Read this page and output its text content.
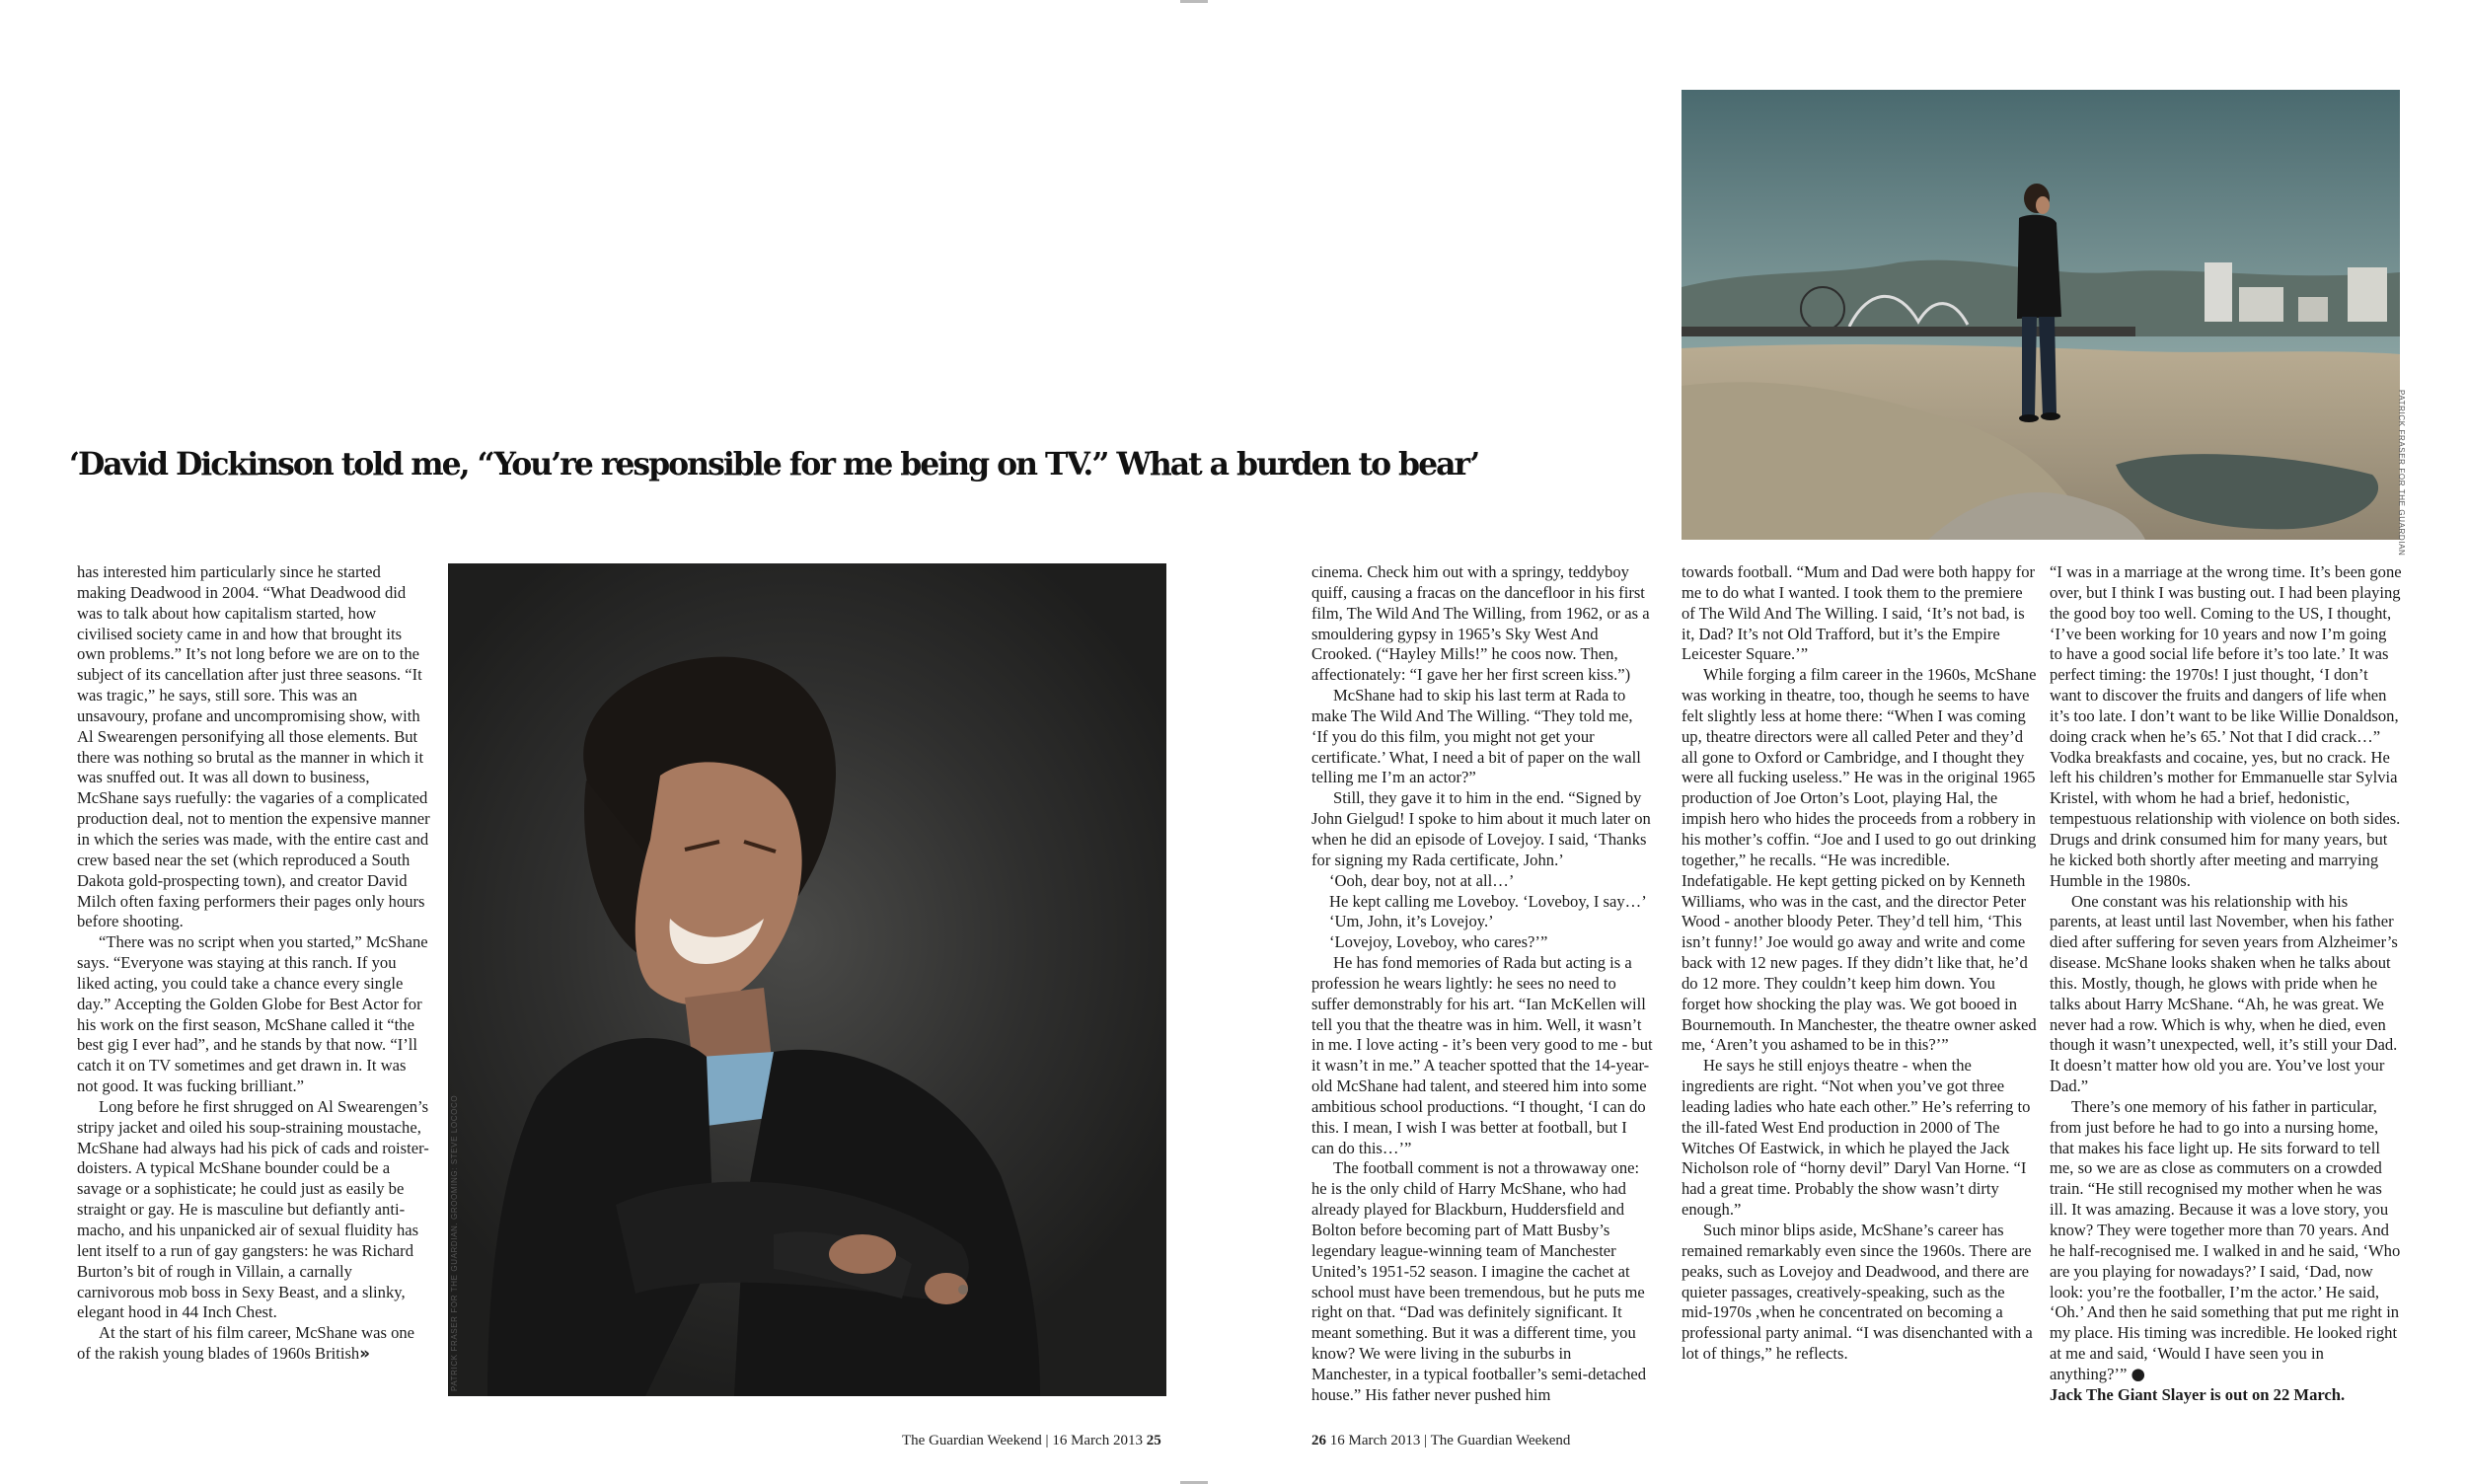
‘David Dickinson told me, “You’re responsible for me being on TV.” What a burden to bear’

has interested him particularly since he started making Deadwood in 2004. “What Deadwood did was to talk about how capitalism started, how civilised society came in and how that brought its own problems.” It’s not long before we are on to the subject of its cancellation after just three seasons. “It was tragic,” he says, still sore. This was an unsavoury, profane and uncompromising show, with Al Swearengen personifying all those elements. But there was nothing so brutal as the manner in which it was snuffed out. It was all down to business, McShane says ruefully: the vagaries of a complicated production deal, not to mention the expensive manner in which the series was made, with the entire cast and crew based near the set (which reproduced a South Dakota gold-prospecting town), and creator David Milch often faxing performers their pages only hours before shooting.

“There was no script when you started,” McShane says. “Everyone was staying at this ranch. If you liked acting, you could take a chance every single day.” Accepting the Golden Globe for Best Actor for his work on the first season, McShane called it “the best gig I ever had”, and he stands by that now. “I’ll catch it on TV sometimes and get drawn in. It was not good. It was fucking brilliant.”

Long before he first shrugged on Al Swearengen’s stripy jacket and oiled his soup-straining moustache, McShane had always had his pick of cads and roister-doisters. A typical McShane bounder could be a savage or a sophisticate; he could just as easily be straight or gay. He is masculine but defiantly anti-macho, and his unpanicked air of sexual fluidity has lent itself to a run of gay gangsters: he was Richard Burton’s bit of rough in Villain, a carnally carnivorous mob boss in Sexy Beast, and a slinky, elegant hood in 44 Inch Chest.

At the start of his film career, McShane was one of the rakish young blades of 1960s British»	PATRICK FRASER FOR THE GUARDIAN. GROOMING: STEVE LOCOCO
The Guardian Weekend | 16 March 2013 25
PATRICK FRASER FOR THE GUARDIAN

cinema. Check him out with a springy, teddyboy quiff, causing a fracas on the dancefloor in his first film, The Wild And The Willing, from 1962, or as a smouldering gypsy in 1965’s Sky West And Crooked. (“Hayley Mills!” he coos now. Then, affectionately: “I gave her her first screen kiss.”)

McShane had to skip his last term at Rada to make The Wild And The Willing. “They told me, ‘If you do this film, you might not get your certificate.’ What, I need a bit of paper on the wall telling me I’m an actor?”

Still, they gave it to him in the end. “Signed by John Gielgud! I spoke to him about it much later on when he did an episode of Lovejoy. I said, ‘Thanks for signing my Rada certificate, John.’

‘Ooh, dear boy, not at all…’

He kept calling me Loveboy. ‘Loveboy, I say…’

‘Um, John, it’s Lovejoy.’

‘Lovejoy, Loveboy, who cares?’”

He has fond memories of Rada but acting is a profession he wears lightly: he sees no need to suffer demonstrably for his art. “Ian McKellen will tell you that the theatre was in him. Well, it wasn’t in me. I love acting - it’s been very good to me - but it wasn’t in me.” A teacher spotted that the 14-year-old McShane had talent, and steered him into some ambitious school productions. “I thought, ‘I can do this. I mean, I wish I was better at football, but I can do this…’”

The football comment is not a throwaway one: he is the only child of Harry McShane, who had already played for Blackburn, Huddersfield and Bolton before becoming part of Matt Busby’s legendary league-winning team of Manchester United’s 1951-52 season. I imagine the cachet at school must have been tremendous, but he puts me right on that. “Dad was definitely significant. It meant something. But it was a different time, you know? We were living in the suburbs in Manchester, in a typical footballer’s semi-detached house.” His father never pushed him

towards football. “Mum and Dad were both happy for me to do what I wanted. I took them to the premiere of The Wild And The Willing. I said, ‘It’s not bad, is it, Dad? It’s not Old Trafford, but it’s the Empire Leicester Square.’”

While forging a film career in the 1960s, McShane was working in theatre, too, though he seems to have felt slightly less at home there: “When I was coming up, theatre directors were all called Peter and they’d all gone to Oxford or Cambridge, and I thought they were all fucking useless.” He was in the original 1965 production of Joe Orton’s Loot, playing Hal, the impish hero who hides the proceeds from a robbery in his mother’s coffin. “Joe and I used to go out drinking together,” he recalls. “He was incredible. Indefatigable. He kept getting picked on by Kenneth Williams, who was in the cast, and the director Peter Wood - another bloody Peter. They’d tell him, ‘This isn’t funny!’ Joe would go away and write and come back with 12 new pages. If they didn’t like that, he’d do 12 more. They couldn’t keep him down. You forget how shocking the play was. We got booed in Bournemouth. In Manchester, the theatre owner asked me, ‘Aren’t you ashamed to be in this?’”

He says he still enjoys theatre - when the ingredients are right. “Not when you’ve got three leading ladies who hate each other.” He’s referring to the ill-fated West End production in 2000 of The Witches Of Eastwick, in which he played the Jack Nicholson role of “horny devil” Daryl Van Horne. “I had a great time. Probably the show wasn’t dirty enough.”

Such minor blips aside, McShane’s career has remained remarkably even since the 1960s. There are peaks, such as Lovejoy and Deadwood, and there are quieter passages, creatively-speaking, such as the mid-1970s ,when he concentrated on becoming a professional party animal. “I was disenchanted with a lot of things,” he reflects.

“I was in a marriage at the wrong time. It’s been gone over, but I think I was busting out. I had been playing the good boy too well. Coming to the US, I thought, ‘I’ve been working for 10 years and now I’m going to have a good social life before it’s too late.’ It was perfect timing: the 1970s! I just thought, ‘I don’t want to discover the fruits and dangers of life when it’s too late. I don’t want to be like Willie Donaldson, doing crack when he’s 65.’ Not that I did crack…” Vodka breakfasts and cocaine, yes, but no crack. He left his children’s mother for Emmanuelle star Sylvia Kristel, with whom he had a brief, hedonistic, tempestuous relationship with violence on both sides. Drugs and drink consumed him for many years, but he kicked both shortly after meeting and marrying Humble in the 1980s.

One constant was his relationship with his parents, at least until last November, when his father died after suffering for seven years from Alzheimer’s disease. McShane looks shaken when he talks about this. Mostly, though, he glows with pride when he talks about Harry McShane. “Ah, he was great. We never had a row. Which is why, when he died, even though it wasn’t unexpected, well, it’s still your Dad. It doesn’t matter how old you are. You’ve lost your Dad.”

There’s one memory of his father in particular, from just before he had to go into a nursing home, that makes his face light up. He sits forward to tell me, so we are as close as commuters on a crowded train. “He still recognised my mother when he was ill. It was amazing. Because it was a love story, you know? They were together more than 70 years. And he half-recognised me. I walked in and he said, ‘Who are you playing for nowadays?’ I said, ‘Dad, now look: you’re the footballer, I’m the actor.’ He said, ‘Oh.’ And then he said something that put me right in my place. His timing was incredible. He looked right at me and said, ‘Would I have seen you in anything?’” ●

Jack The Giant Slayer is out on 22 March.

26 16 March 2013 | The Guardian Weekend
